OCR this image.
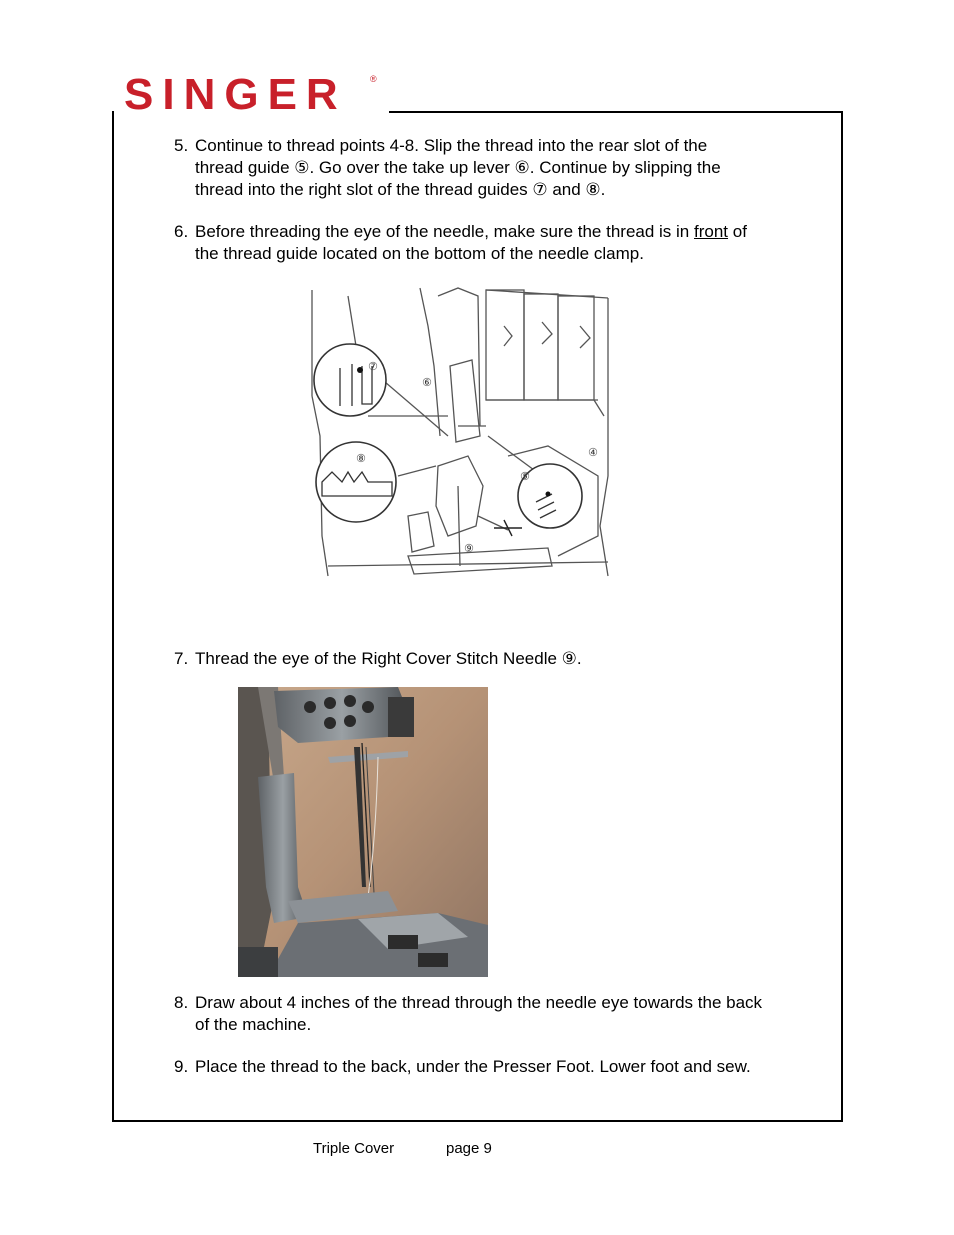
SINGER	®
5. Continue to thread points 4-8. Slip the thread into the rear slot of the
thread guide ⑤. Go over the take up lever ⑥. Continue by slipping the
thread into the right slot of the thread guides ⑦ and ⑧.
6. Before threading the eye of the needle, make sure the thread is in front of
the thread guide located on the bottom of the needle clamp.
⑦
⑥
⑧
⑤
④
⑨
7. Thread the eye of the Right Cover Stitch Needle ⑨.
8. Draw about 4 inches of the thread through the needle eye towards the back
of the machine.
9. Place the thread to the back, under the Presser Foot. Lower foot and sew.
Triple Cover	page 9
